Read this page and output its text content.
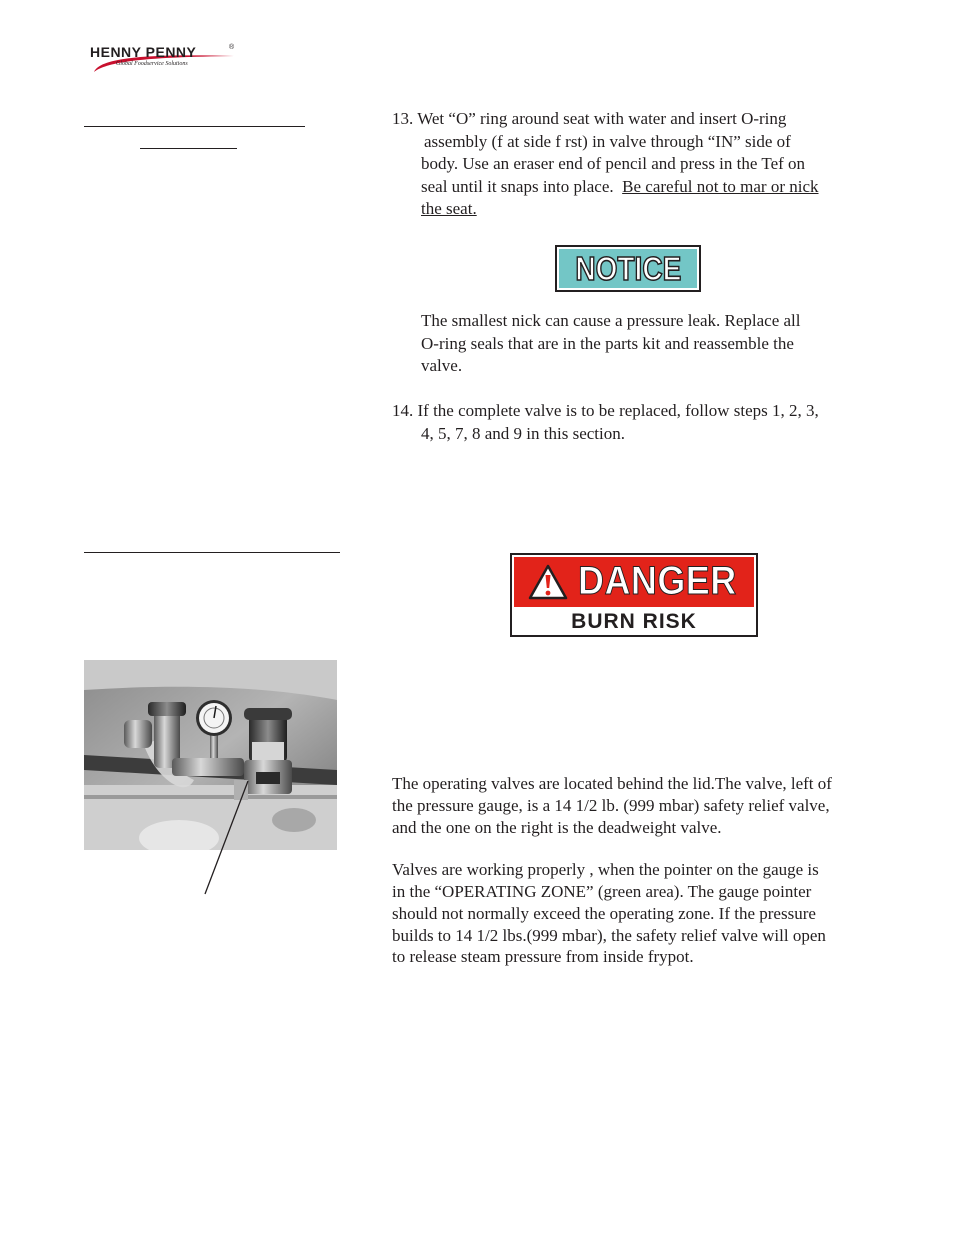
HENNY PENNY	®
Global Foodservice Solutions
13. Wet “O” ring around seat with water and insert O-ring
assembly (f at side f rst) in valve through “IN” side of
body. Use an eraser end of pencil and press in the Tef on
seal until it snaps into place.  Be careful not to mar or nick
the seat.
NOTICE
The smallest nick can cause a pressure leak. Replace all
O-ring seals that are in the parts kit and reassemble the
valve.
14. If the complete valve is to be replaced, follow steps 1, 2, 3,
4, 5, 7, 8 and 9 in this section.
DANGER
BURN RISK
The operating valves are located behind the lid.The valve, left of
the pressure gauge, is a 14 1/2 lb. (999 mbar) safety relief valve,
and the one on the right is the deadweight valve.
Valves are working properly , when the pointer on the gauge is
in the “OPERATING ZONE” (green area). The gauge pointer
should not normally exceed the operating zone. If the pressure
builds to 14 1/2 lbs.(999 mbar), the safety relief valve will open
to release steam pressure from inside frypot.
